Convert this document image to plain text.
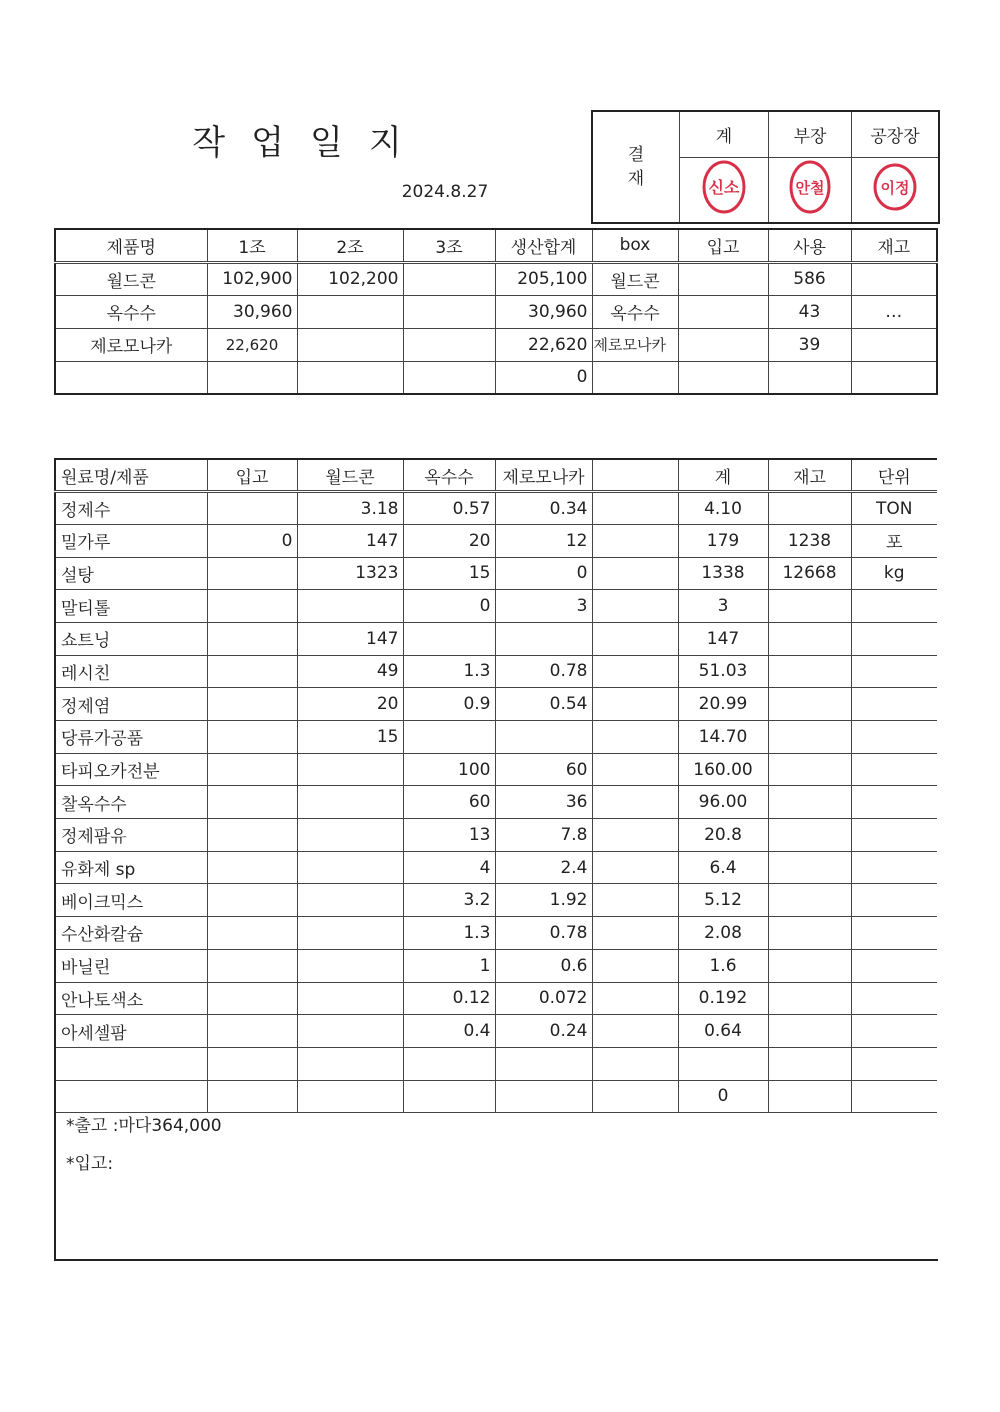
작업일지
2024.8.27
결
재	계	부장	공장장

신소	안철	이정
제품명	1조	2조	3조	생산합계	box	입고	사용	재고
월드콘	102,900	102,200		205,100	월드콘		586	
옥수수	30,960			30,960	옥수수		43	…
제로모나카	22,620			22,620	제로모나카		39	
				0				
원료명/제품	입고	월드콘	옥수수	제로모나카		계	재고	단위
정제수		3.18	0.57	0.34		4.10		TON
밀가루	0	147	20	12		179	1238	포
설탕		1323	15	0		1338	12668	kg
말티톨			0	3		3		
쇼트닝		147				147		
레시친		49	1.3	0.78		51.03		
정제염		20	0.9	0.54		20.99		
당류가공품		15				14.70		
타피오카전분			100	60		160.00		
찰옥수수			60	36		96.00		
정제팜유			13	7.8		20.8		
유화제 sp			4	2.4		6.4		
베이크믹스			3.2	1.92		5.12		
수산화칼슘			1.3	0.78		2.08		
바닐린			1	0.6		1.6		
안나토색소			0.12	0.072		0.192		
아세셀팜			0.4	0.24		0.64		

						0		
*출고 :마다364,000
*입고:
